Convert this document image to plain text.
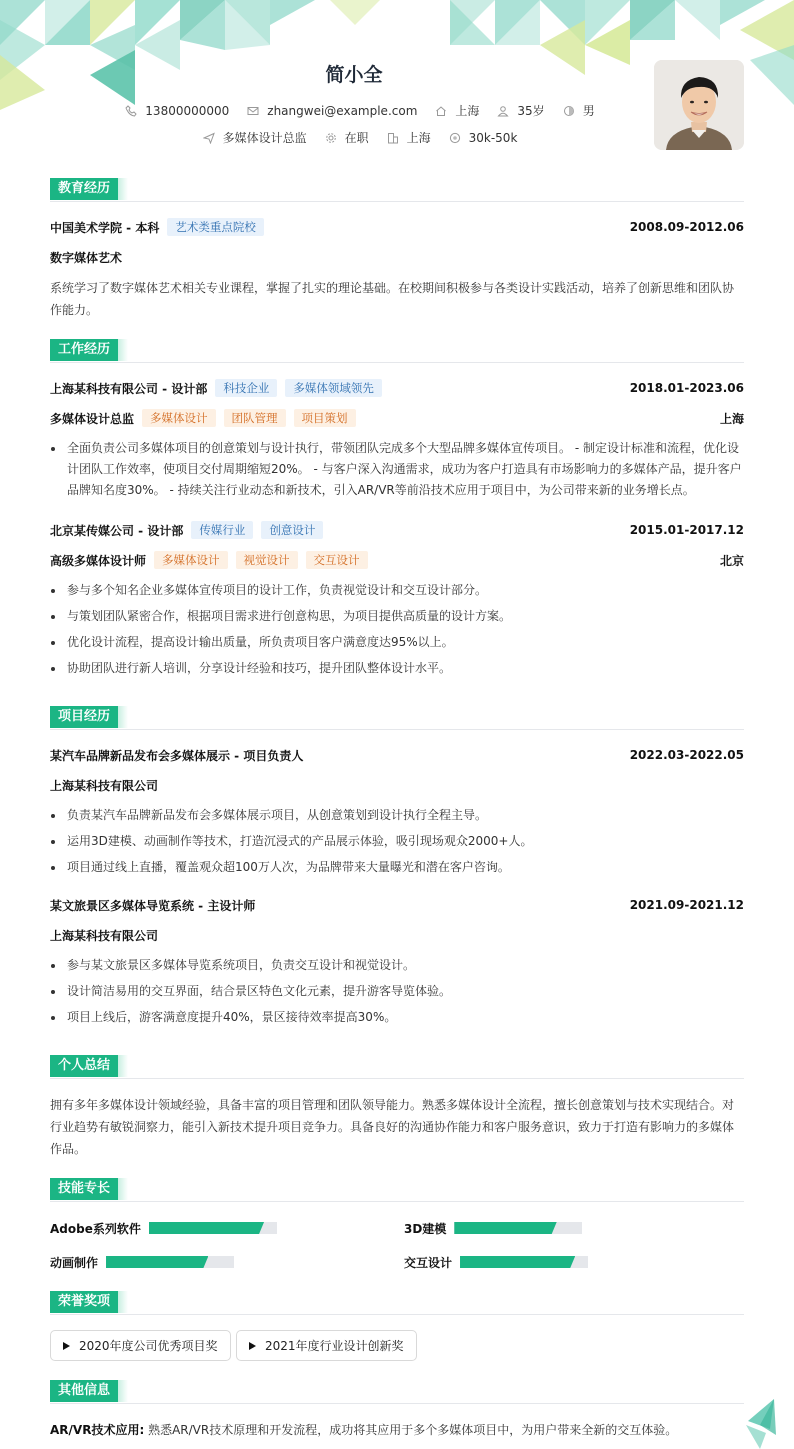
简小全
13800000000	zhangwei@example.com	上海	35岁	男
多媒体设计总监	在职	上海	30k-50k
教育经历
中国美术学院 - 本科	艺术类重点院校	2008.09-2012.06
数字媒体艺术
系统学习了数字媒体艺术相关专业课程，掌握了扎实的理论基础。在校期间积极参与各类设计实践活动，培养了创新思维和团队协作能力。
工作经历
上海某科技有限公司 - 设计部	科技企业	多媒体领域领先	2018.01-2023.06
多媒体设计总监	多媒体设计	团队管理	项目策划	上海
全面负责公司多媒体项目的创意策划与设计执行，带领团队完成多个大型品牌多媒体宣传项目。 - 制定设计标准和流程，优化设计团队工作效率，使项目交付周期缩短20%。 - 与客户深入沟通需求，成功为客户打造具有市场影响力的多媒体产品，提升客户品牌知名度30%。 - 持续关注行业动态和新技术，引入AR/VR等前沿技术应用于项目中，为公司带来新的业务增长点。
北京某传媒公司 - 设计部	传媒行业	创意设计	2015.01-2017.12
高级多媒体设计师	多媒体设计	视觉设计	交互设计	北京
参与多个知名企业多媒体宣传项目的设计工作，负责视觉设计和交互设计部分。
与策划团队紧密合作，根据项目需求进行创意构思，为项目提供高质量的设计方案。
优化设计流程，提高设计输出质量，所负责项目客户满意度达95%以上。
协助团队进行新人培训，分享设计经验和技巧，提升团队整体设计水平。
项目经历
某汽车品牌新品发布会多媒体展示 - 项目负责人	2022.03-2022.05
上海某科技有限公司
负责某汽车品牌新品发布会多媒体展示项目，从创意策划到设计执行全程主导。
运用3D建模、动画制作等技术，打造沉浸式的产品展示体验，吸引现场观众2000+人。
项目通过线上直播，覆盖观众超100万人次，为品牌带来大量曝光和潜在客户咨询。
某文旅景区多媒体导览系统 - 主设计师	2021.09-2021.12
上海某科技有限公司
参与某文旅景区多媒体导览系统项目，负责交互设计和视觉设计。
设计简洁易用的交互界面，结合景区特色文化元素，提升游客导览体验。
项目上线后，游客满意度提升40%，景区接待效率提高30%。
个人总结
拥有多年多媒体设计领域经验，具备丰富的项目管理和团队领导能力。熟悉多媒体设计全流程，擅长创意策划与技术实现结合。对行业趋势有敏锐洞察力，能引入新技术提升项目竞争力。具备良好的沟通协作能力和客户服务意识，致力于打造有影响力的多媒体作品。
技能专长
Adobe系列软件	3D建模
动画制作	交互设计
荣誉奖项
2020年度公司优秀项目奖	2021年度行业设计创新奖
其他信息
AR/VR技术应用: 熟悉AR/VR技术原理和开发流程，成功将其应用于多个多媒体项目中，为用户带来全新的交互体验。
